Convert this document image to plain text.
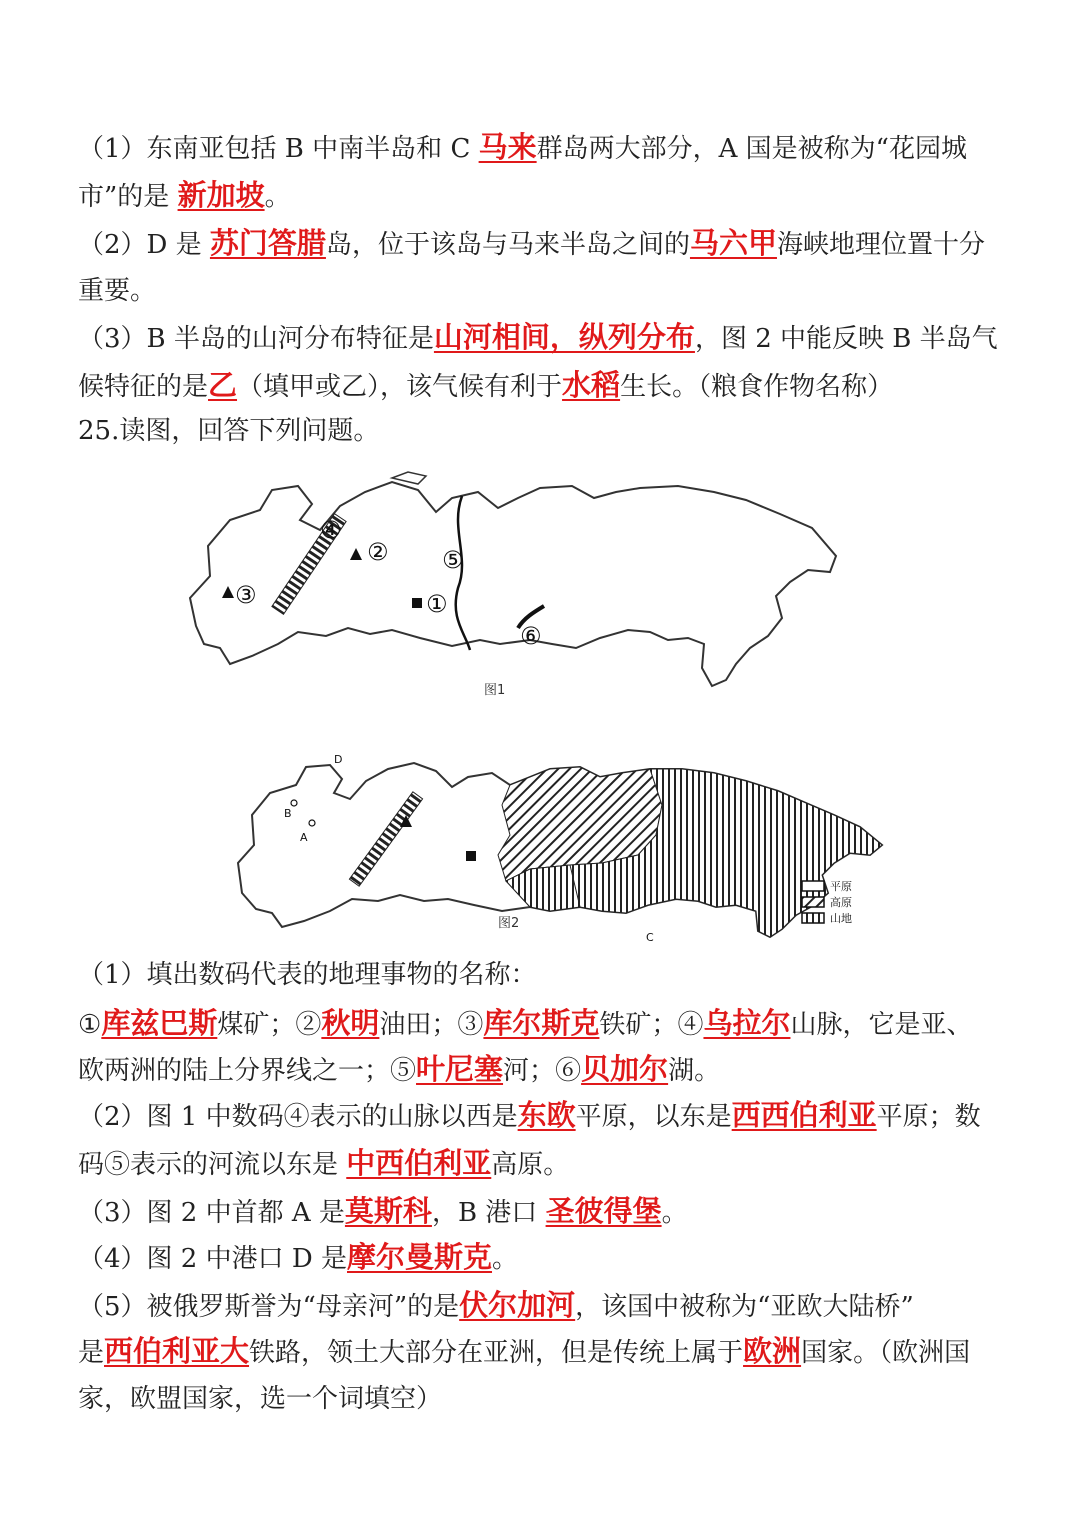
（1）东南亚包括 B 中南半岛和 C 马来群岛两大部分，A 国是被称为“花园城
市”的是 新加坡。
（2）D 是 苏门答腊岛，位于该岛与马来半岛之间的马六甲海峡地理位置十分
重要。
（3）B 半岛的山河分布特征是山河相间，纵列分布，图 2 中能反映 B 半岛气
候特征的是乙（填甲或乙），该气候有利于水稻生长。（粮食作物名称）
25.读图，回答下列问题。
③
④
② ⑤
①
⑥
图1
D
B
A
C
图2
平原
高原
山地
（1）填出数码代表的地理事物的名称：
①库兹巴斯煤矿；②秋明油田；③库尔斯克铁矿；④乌拉尔山脉，它是亚、
欧两洲的陆上分界线之一；⑤叶尼塞河；⑥贝加尔湖。
（2）图 1 中数码④表示的山脉以西是东欧平原，以东是西西伯利亚平原；数
码⑤表示的河流以东是 中西伯利亚高原。
（3）图 2 中首都 A 是莫斯科，B 港口 圣彼得堡。
（4）图 2 中港口 D 是摩尔曼斯克。
（5）被俄罗斯誉为“母亲河”的是伏尔加河，该国中被称为“亚欧大陆桥”
是西伯利亚大铁路，领土大部分在亚洲，但是传统上属于欧洲国家。（欧洲国
家，欧盟国家，选一个词填空）
